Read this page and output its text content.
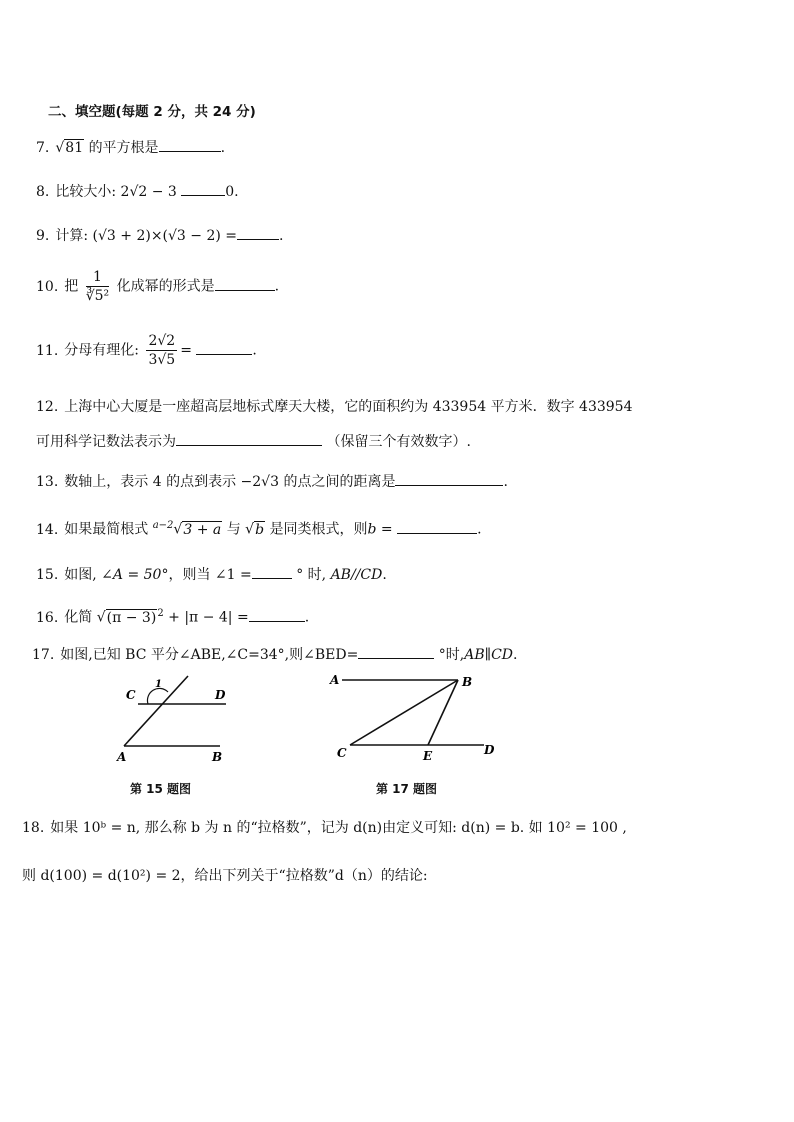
二、填空题(每题 2 分，共 24 分)
7. √81 的平方根是	.
8. 比较大小: 2√2 − 3	0.
9. 计算: (√3 + 2)×(√3 − 2) =	.
10. 把 $\frac{1}{\text{∛5²}}$ 化成幂的形式是	.
11. 分母有理化: $\frac{2√2}{3√5}$ =	.
12. 上海中心大厦是一座超高层地标式摩天大楼，它的面积约为 433954 平方米．数字 433954
可用科学记数法表示为	（保留三个有效数字）.
13. 数轴上，表示 4 的点到表示 −2√3 的点之间的距离是	.
14. 如果最简根式 $^{a-2}$√3 + a 与 √b 是同类根式，则b =	.
15. 如图, ∠A = 50°，则当 ∠1 =	° 时, AB//CD.
16. 化简 $√(\pi - 3)^2 + |\pi - 4|$ =	.
17. 如图,已知 BC 平分∠ABE,∠C=34°,则∠BED=	°时,AB∥CD.
C	D
A	B
1
第 15 题图
A	B
C	E	D
第 17 题图
18. 如果 10ᵇ = n, 那么称 b 为 n 的“拉格数”，记为 d(n)由定义可知: d(n) = b. 如 10² = 100 ,
则 d(100) = d(10²) = 2，给出下列关于“拉格数”d（n）的结论:
